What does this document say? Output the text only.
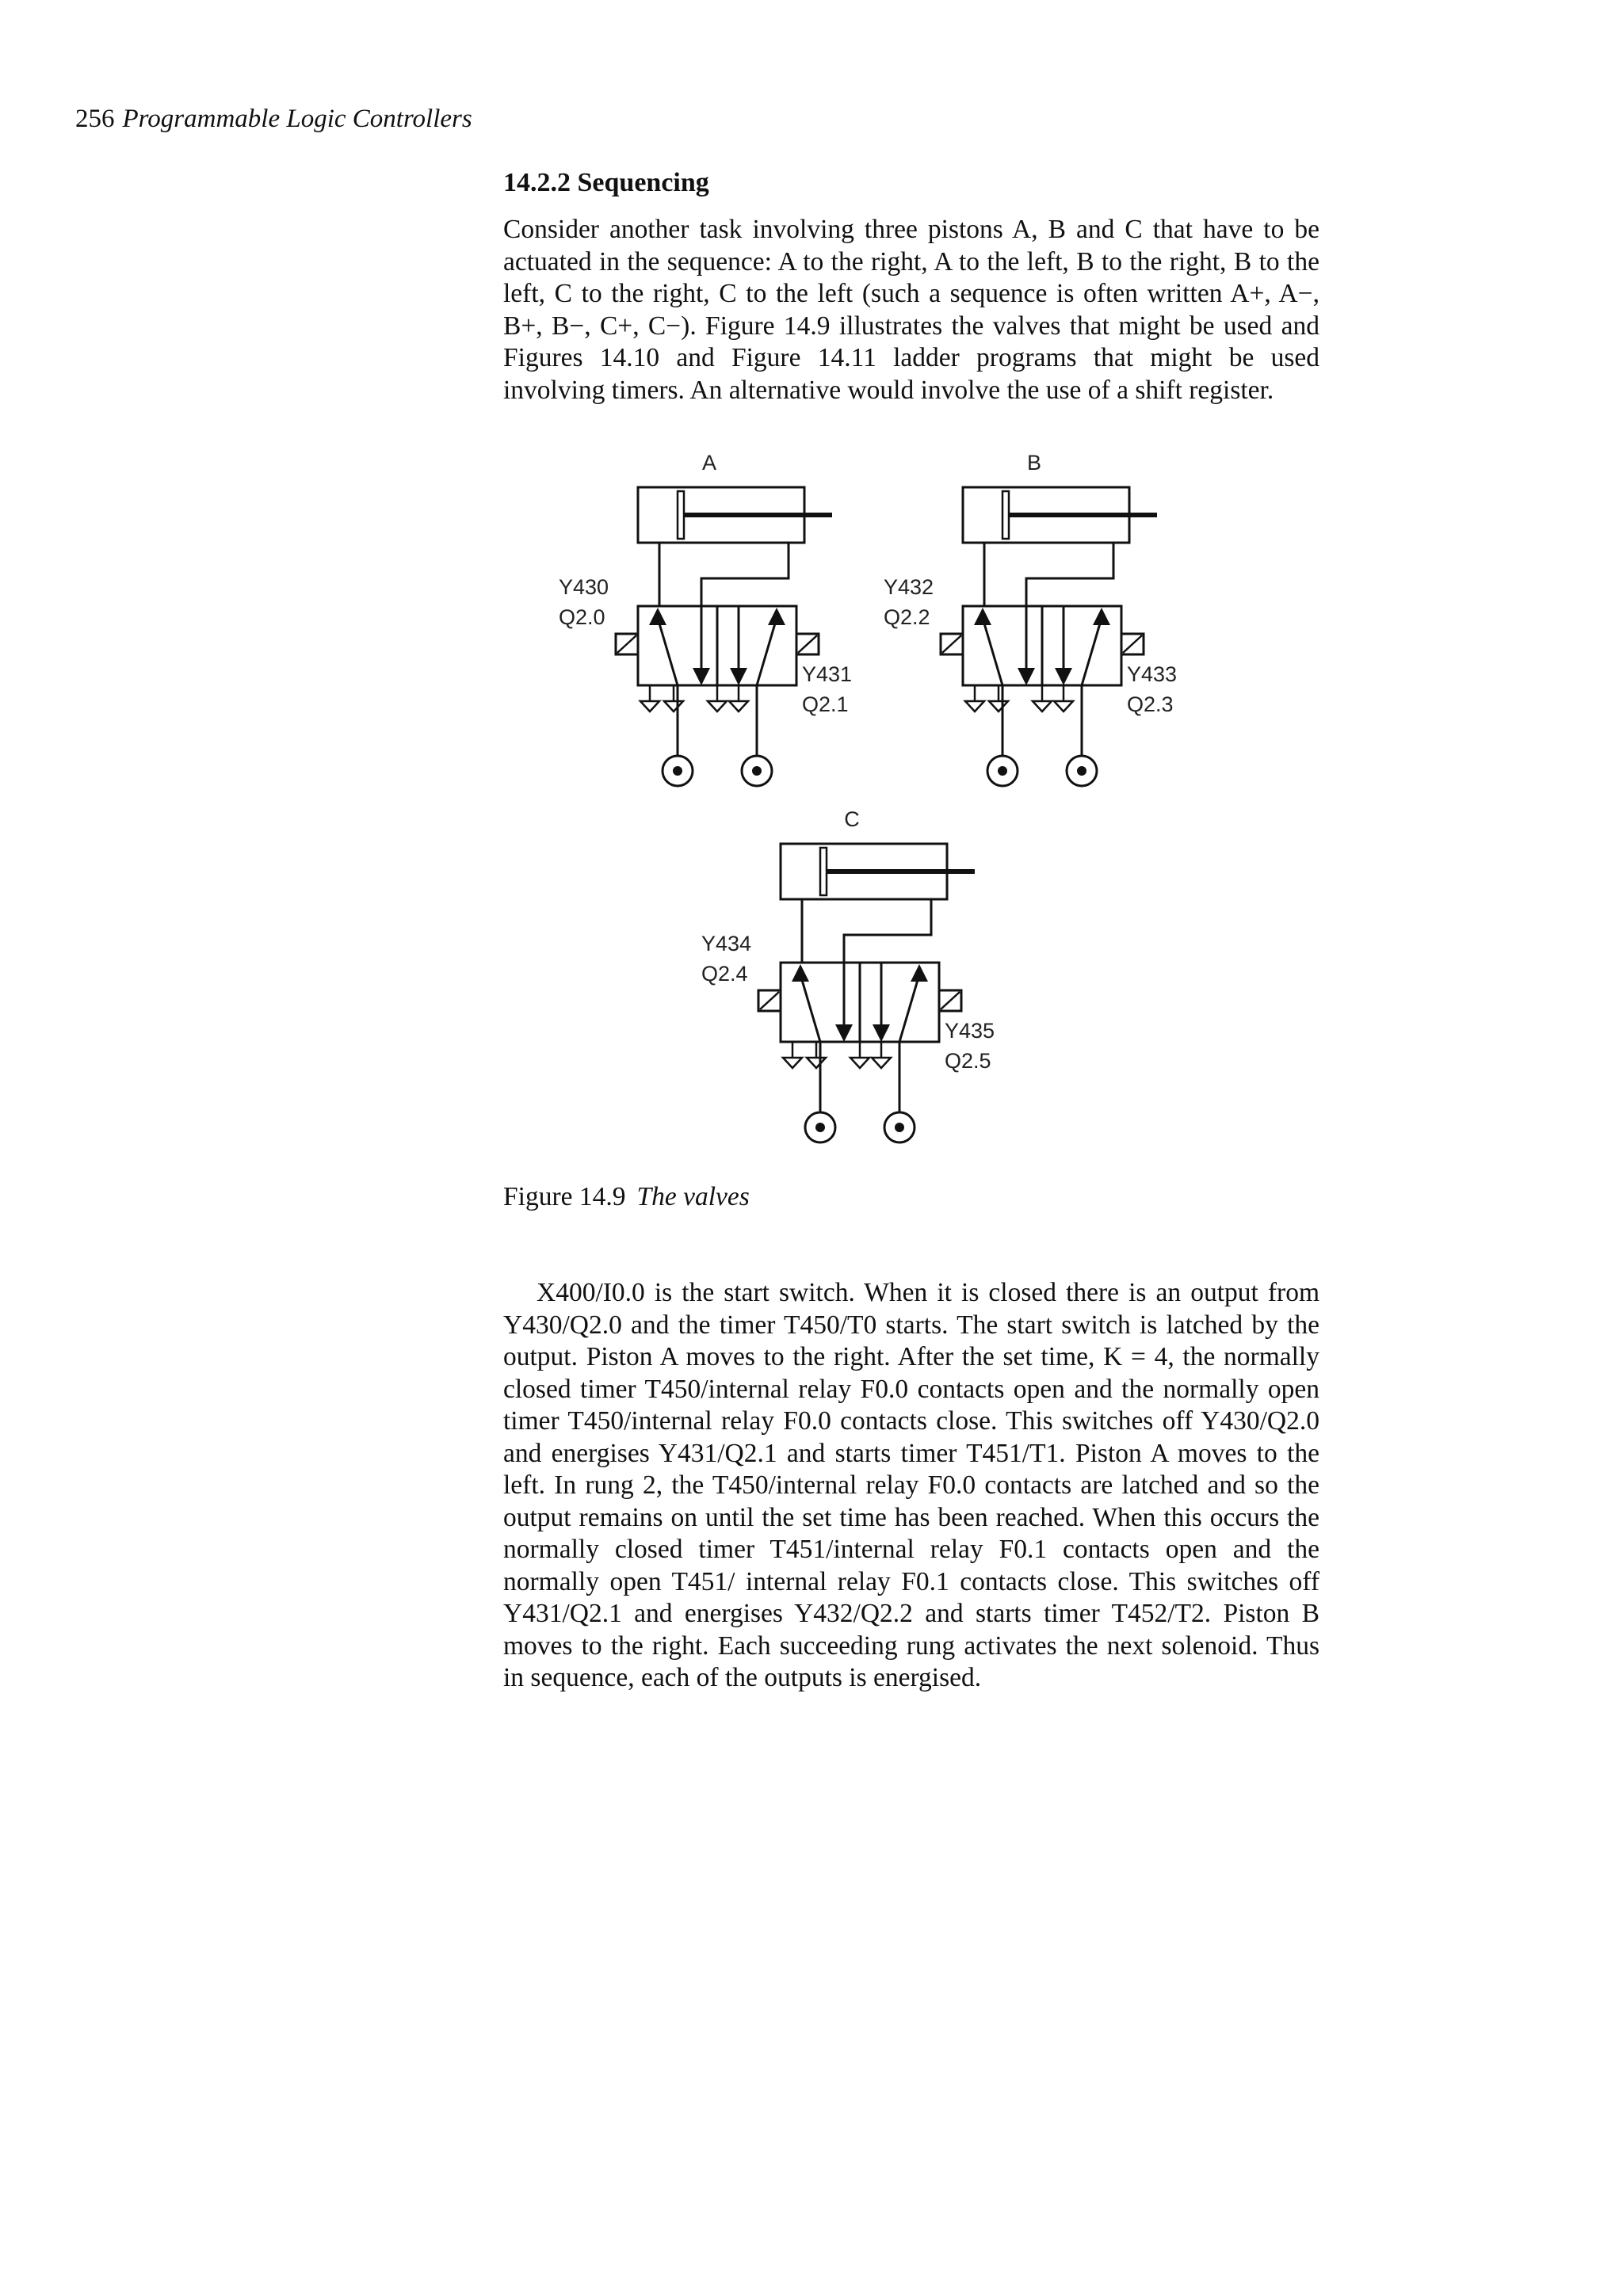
256 Programmable Logic Controllers
14.2.2 Sequencing

Consider another task involving three pistons A, B and C that have to be actuated in the sequence: A to the right, A to the left, B to the right, B to the left, C to the right, C to the left (such a sequence is often written A+, A−, B+, B−, C+, C−). Figure 14.9 illustrates the valves that might be used and Figures 14.10 and Figure 14.11 ladder programs that might be used involving timers. An alternative would involve the use of a shift register.

A
Y430
Q2.0
Y431
Q2.1
B
Y432
Q2.2
Y433
Q2.3
C
Y434
Q2.4
Y435
Q2.5
Figure 14.9 The valves

X400/I0.0 is the start switch. When it is closed there is an output from Y430/Q2.0 and the timer T450/T0 starts. The start switch is latched by the output. Piston A moves to the right. After the set time, K = 4, the normally closed timer T450/internal relay F0.0 contacts open and the normally open timer T450/internal relay F0.0 contacts close. This switches off Y430/Q2.0 and energises Y431/Q2.1 and starts timer T451/T1. Piston A moves to the left. In rung 2, the T450/internal relay F0.0 contacts are latched and so the output remains on until the set time has been reached. When this occurs the normally closed timer T451/internal relay F0.1 contacts open and the normally open T451/ internal relay F0.1 contacts close. This switches off Y431/Q2.1 and energises Y432/Q2.2 and starts timer T452/T2. Piston B moves to the right. Each succeeding rung activates the next solenoid. Thus in sequence, each of the outputs is energised.
